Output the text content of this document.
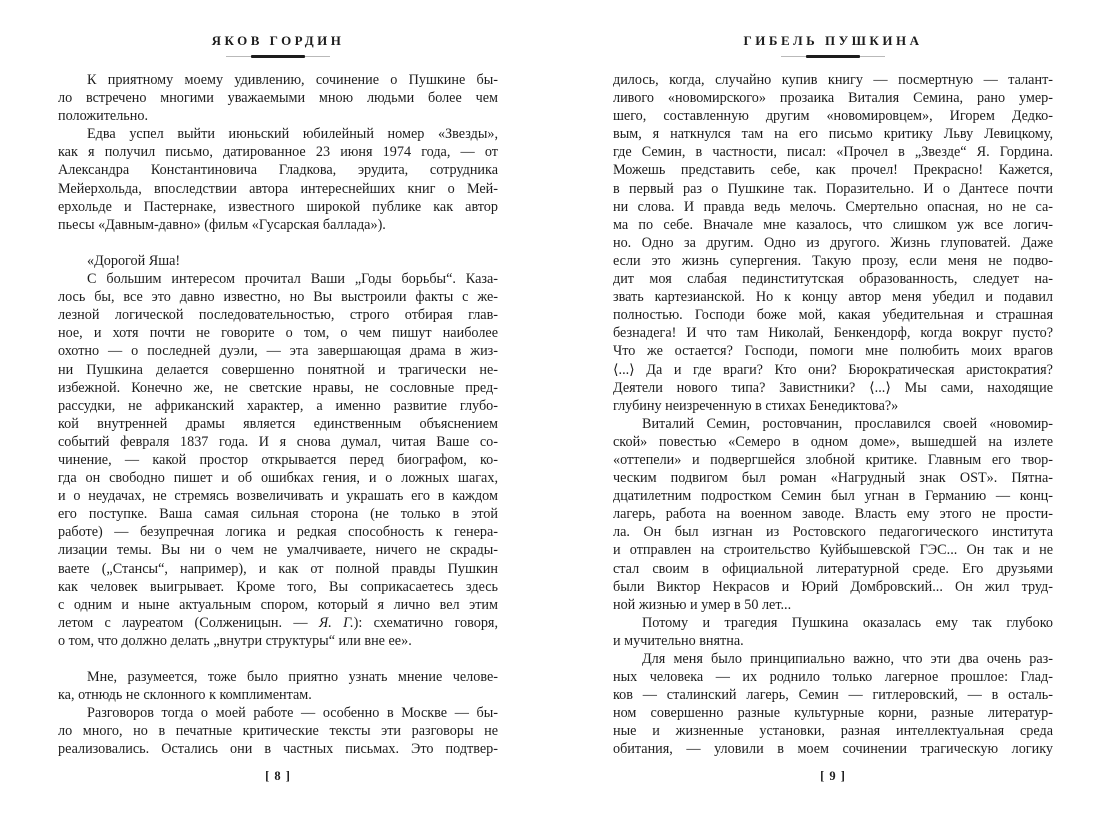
ЯКОВ ГОРДИН
К приятному моему удивлению, сочинение о Пушкине бы-
ло встречено многими уважаемыми мною людьми более чем
положительно.
Едва успел выйти июньский юбилейный номер «Звезды»,
как я получил письмо, датированное 23 июня 1974 года, — от
Александра Константиновича Гладкова, эрудита, сотрудника
Мейерхольда, впоследствии автора интереснейших книг о Мей-
ерхольде и Пастернаке, известного широкой публике как автор
пьесы «Давным-давно» (фильм «Гусарская баллада»).
«Дорогой Яша!
С большим интересом прочитал Ваши „Годы борьбы“. Каза-
лось бы, все это давно известно, но Вы выстроили факты с же-
лезной логической последовательностью, строго отбирая глав-
ное, и хотя почти не говорите о том, о чем пишут наиболее
охотно — о последней дуэли, — эта завершающая драма в жиз-
ни Пушкина делается совершенно понятной и трагически не-
избежной. Конечно же, не светские нравы, не сословные пред-
рассудки, не африканский характер, а именно развитие глубо-
кой внутренней драмы является единственным объяснением
событий февраля 1837 года. И я снова думал, читая Ваше со-
чинение, — какой простор открывается перед биографом, ко-
гда он свободно пишет и об ошибках гения, и о ложных шагах,
и о неудачах, не стремясь возвеличивать и украшать его в каждом
его поступке. Ваша самая сильная сторона (не только в этой
работе) — безупречная логика и редкая способность к генера-
лизации темы. Вы ни о чем не умалчиваете, ничего не скрады-
ваете („Стансы“, например), и как от полной правды Пушкин
как человек выигрывает. Кроме того, Вы соприкасаетесь здесь
с одним и ныне актуальным спором, который я лично вел этим
летом с лауреатом (Солженицын. — Я. Г.): схематично говоря,
о том, что должно делать „внутри структуры“ или вне ее».
Мне, разумеется, тоже было приятно узнать мнение челове-
ка, отнюдь не склонного к комплиментам.
Разговоров тогда о моей работе — особенно в Москве — бы-
ло много, но в печатные критические тексты эти разговоры не
реализовались. Остались они в частных письмах. Это подтвер-
[ 8 ]
ГИБЕЛЬ ПУШКИНА
дилось, когда, случайно купив книгу — посмертную — талант-
ливого «новомирского» прозаика Виталия Семина, рано умер-
шего, составленную другим «новомировцем», Игорем Дедко-
вым, я наткнулся там на его письмо критику Льву Левицкому,
где Семин, в частности, писал: «Прочел в „Звезде“ Я. Гордина.
Можешь представить себе, как прочел! Прекрасно! Кажется,
в первый раз о Пушкине так. Поразительно. И о Дантесе почти
ни слова. И правда ведь мелочь. Смертельно опасная, но не са-
ма по себе. Вначале мне казалось, что слишком уж все логич-
но. Одно за другим. Одно из другого. Жизнь глуповатей. Даже
если это жизнь супергения. Такую прозу, если меня не подво-
дит моя слабая пединститутская образованность, следует на-
звать картезианской. Но к концу автор меня убедил и подавил
полностью. Господи боже мой, какая убедительная и страшная
безнадега! И что там Николай, Бенкендорф, когда вокруг пусто?
Что же остается? Господи, помоги мне полюбить моих врагов
⟨...⟩ Да и где враги? Кто они? Бюрократическая аристократия?
Деятели нового типа? Завистники? ⟨...⟩ Мы сами, находящие
глубину неизреченную в стихах Бенедиктова?»
Виталий Семин, ростовчанин, прославился своей «новомир-
ской» повестью «Семеро в одном доме», вышедшей на излете
«оттепели» и подвергшейся злобной критике. Главным его твор-
ческим подвигом был роман «Нагрудный знак OST». Пятна-
дцатилетним подростком Семин был угнан в Германию — конц-
лагерь, работа на военном заводе. Власть ему этого не прости-
ла. Он был изгнан из Ростовского педагогического института
и отправлен на строительство Куйбышевской ГЭС... Он так и не
стал своим в официальной литературной среде. Его друзьями
были Виктор Некрасов и Юрий Домбровский... Он жил труд-
ной жизнью и умер в 50 лет...
Потому и трагедия Пушкина оказалась ему так глубоко
и мучительно внятна.
Для меня было принципиально важно, что эти два очень раз-
ных человека — их роднило только лагерное прошлое: Глад-
ков — сталинский лагерь, Семин — гитлеровский, — в осталь-
ном совершенно разные культурные корни, разные литератур-
ные и жизненные установки, разная интеллектуальная среда
обитания, — уловили в моем сочинении трагическую логику
[ 9 ]
